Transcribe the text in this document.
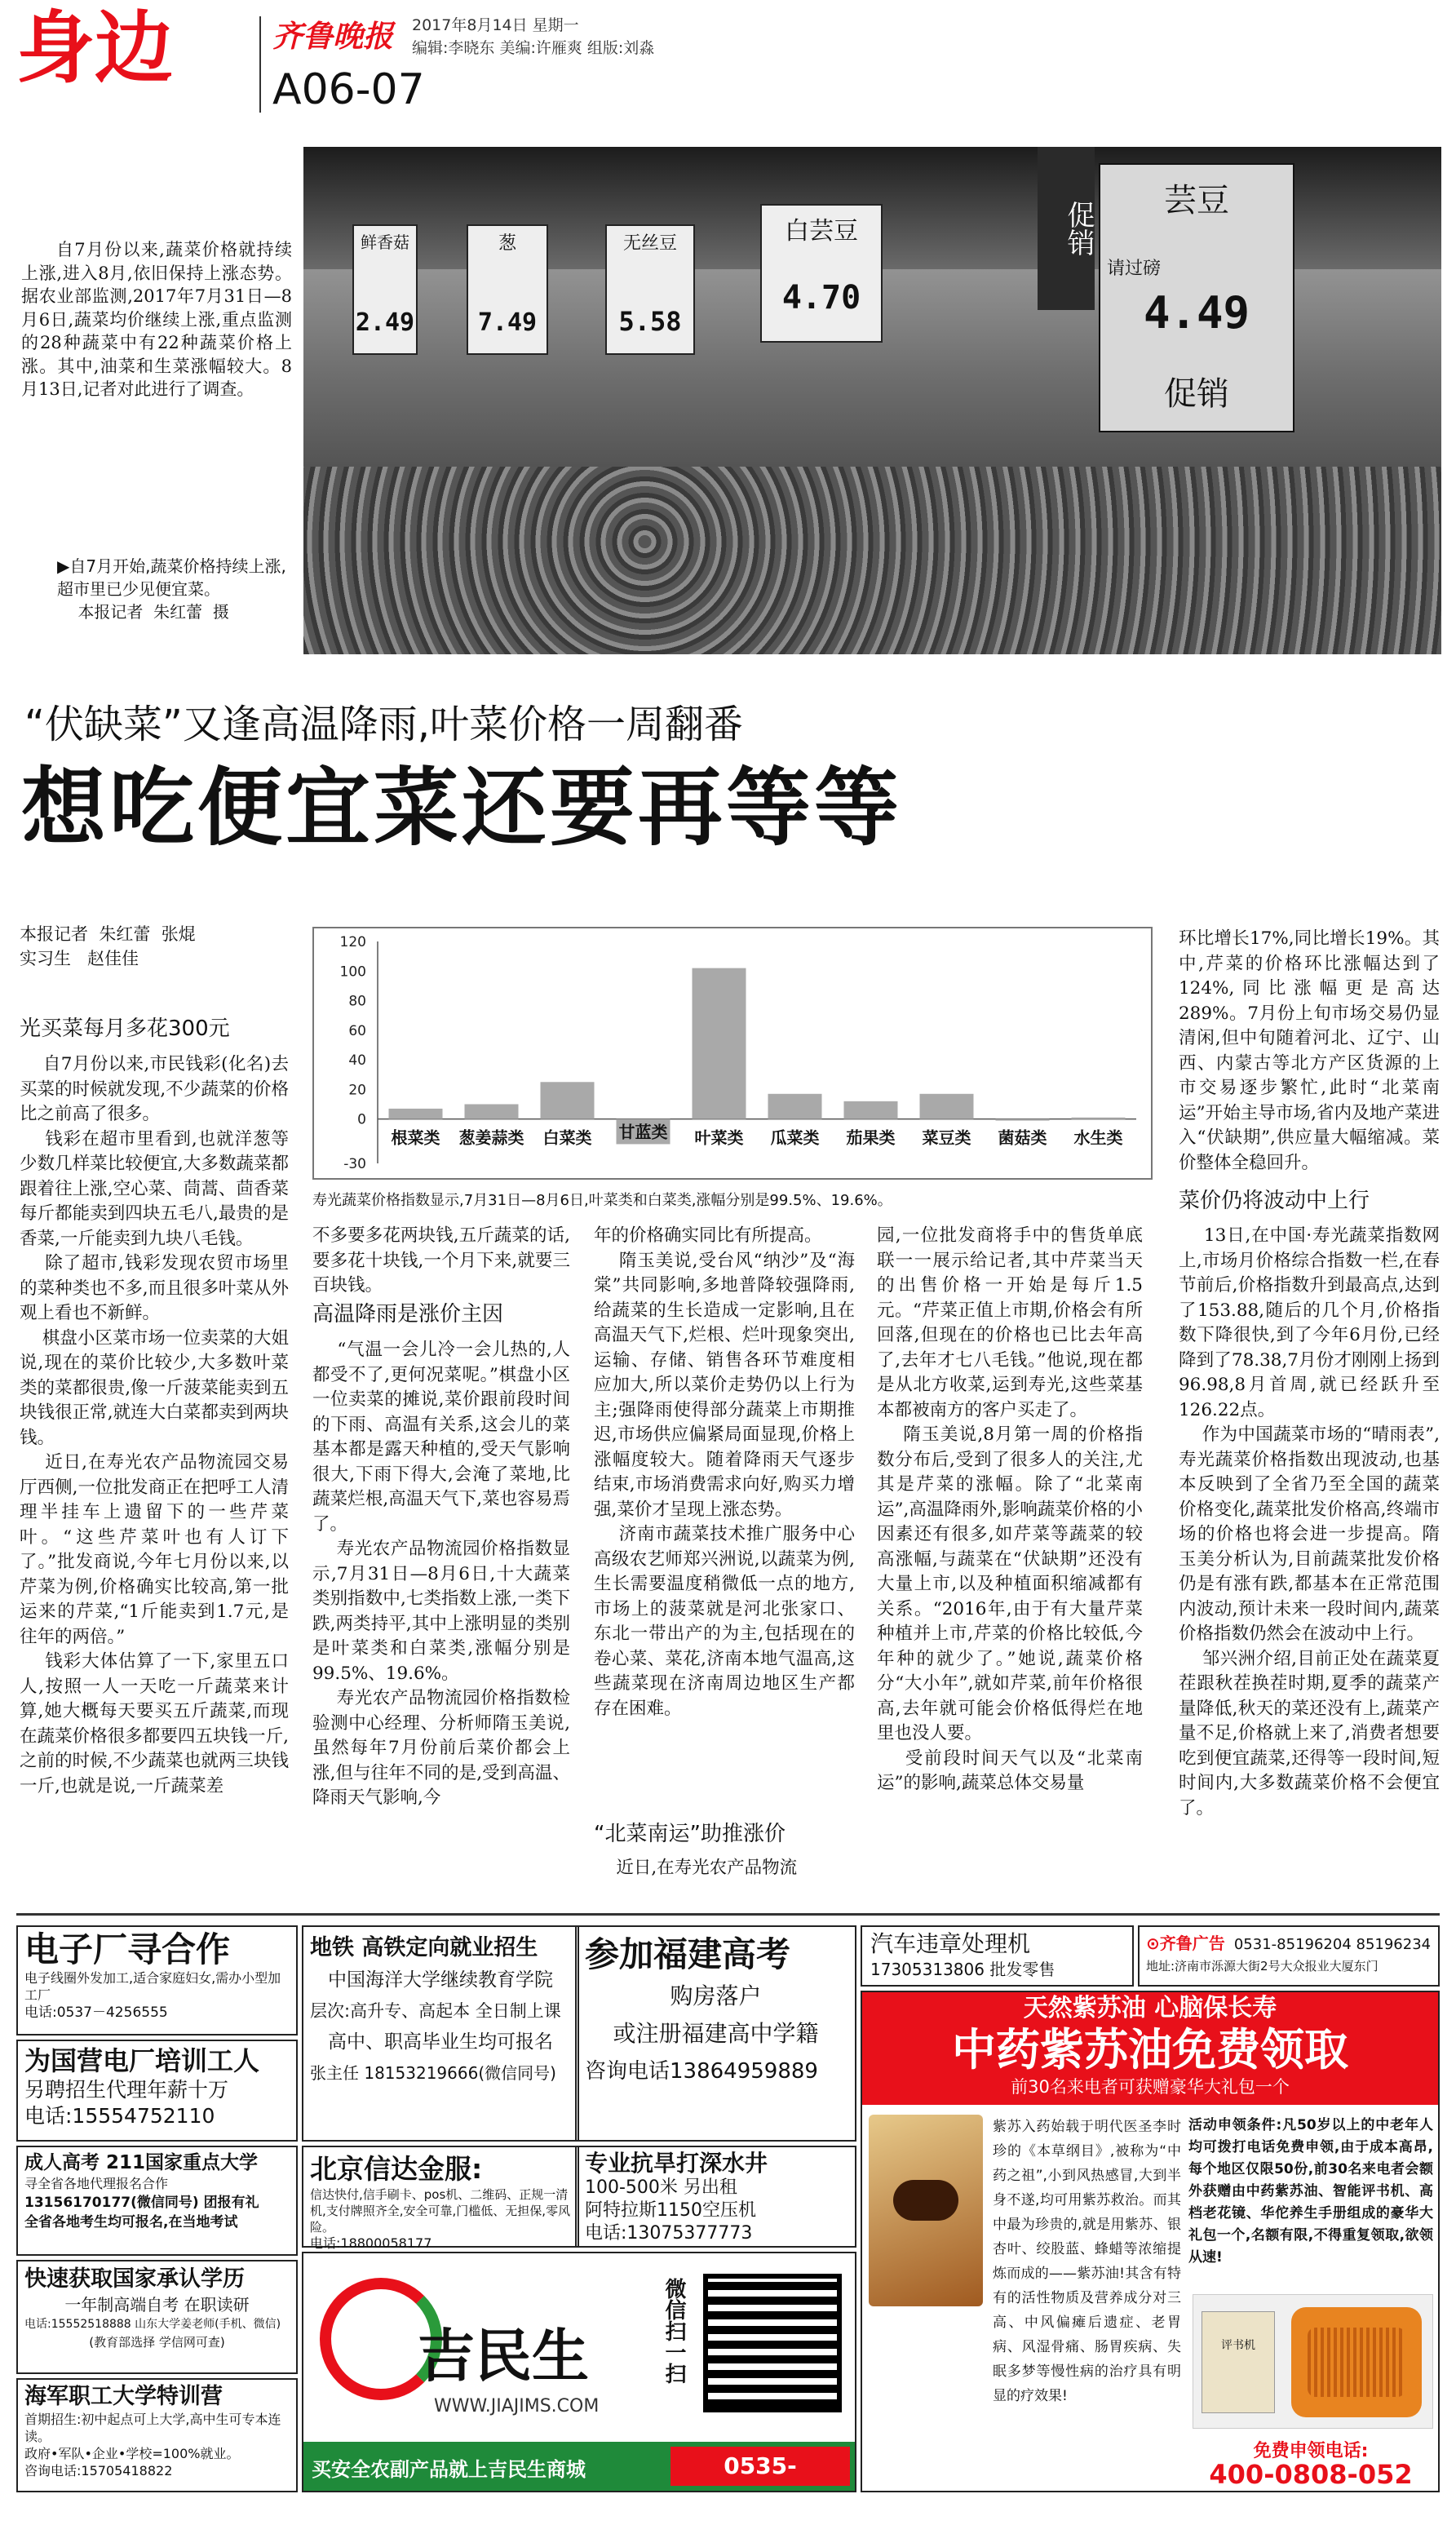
身边	齐鲁晚报 2017年8月14日 星期一
编辑:李晓东 美编:许雁爽 组版:刘淼
A06-07
自7月份以来,蔬菜价格就持续上涨,进入8月,依旧保持上涨态势。据农业部监测,2017年7月31日—8月6日,蔬菜均价继续上涨,重点监测的28种蔬菜中有22种蔬菜价格上涨。其中,油菜和生菜涨幅较大。8月13日,记者对此进行了调查。
▶自7月开始,蔬菜价格持续上涨,超市里已少见便宜菜。
本报记者  朱红蕾  摄
鲜香菇
2.49
葱
7.49
无丝豆
5.58
白芸豆
4.70
促销	芸豆
请过磅
4.49
促销
“伏缺菜”又逢高温降雨,叶菜价格一周翻番
想吃便宜菜还要再等等
本报记者  朱红蕾  张焜
实习生   赵佳佳
光买菜每月多花300元
自7月份以来,市民钱彩(化名)去买菜的时候就发现,不少蔬菜的价格比之前高了很多。
钱彩在超市里看到,也就洋葱等少数几样菜比较便宜,大多数蔬菜都跟着往上涨,空心菜、茼蒿、茴香菜每斤都能卖到四块五毛八,最贵的是香菜,一斤能卖到九块八毛钱。
除了超市,钱彩发现农贸市场里的菜种类也不多,而且很多叶菜从外观上看也不新鲜。
棋盘小区菜市场一位卖菜的大姐说,现在的菜价比较少,大多数叶菜类的菜都很贵,像一斤菠菜能卖到五块钱很正常,就连大白菜都卖到两块钱。
近日,在寿光农产品物流园交易厅西侧,一位批发商正在把呼工人清理半挂车上遗留下的一些芹菜叶。“这些芹菜叶也有人订下了。”批发商说,今年七月份以来,以芹菜为例,价格确实比较高,第一批运来的芹菜,“1斤能卖到1.7元,是往年的两倍。”
钱彩大体估算了一下,家里五口人,按照一人一天吃一斤蔬菜来计算,她大概每天要买五斤蔬菜,而现在蔬菜价格很多都要四五块钱一斤,之前的时候,不少蔬菜也就两三块钱一斤,也就是说,一斤蔬菜差
-30
0
20
40
60
80
100
120
根菜类 葱姜蒜类 白菜类 甘蓝类 叶菜类 瓜菜类 茄果类 菜豆类 菌菇类 水生类
寿光蔬菜价格指数显示,7月31日—8月6日,叶菜类和白菜类,涨幅分别是99.5%、19.6%。
不多要多花两块钱,五斤蔬菜的话,要多花十块钱,一个月下来,就要三百块钱。
高温降雨是涨价主因
“气温一会儿冷一会儿热的,人都受不了,更何况菜呢。”棋盘小区一位卖菜的摊说,菜价跟前段时间的下雨、高温有关系,这会儿的菜基本都是露天种植的,受天气影响很大,下雨下得大,会淹了菜地,比蔬菜烂根,高温天气下,菜也容易焉了。
寿光农产品物流园价格指数显示,7月31日—8月6日,十大蔬菜类别指数中,七类指数上涨,一类下跌,两类持平,其中上涨明显的类别是叶菜类和白菜类,涨幅分别是99.5%、19.6%。
寿光农产品物流园价格指数检验测中心经理、分析师隋玉美说,虽然每年7月份前后菜价都会上涨,但与往年不同的是,受到高温、降雨天气影响,今
年的价格确实同比有所提高。
隋玉美说,受台风“纳沙”及“海棠”共同影响,多地普降较强降雨,给蔬菜的生长造成一定影响,且在高温天气下,烂根、烂叶现象突出,运输、存储、销售各环节难度相应加大,所以菜价走势仍以上行为主;强降雨使得部分蔬菜上市期推迟,市场供应偏紧局面显现,价格上涨幅度较大。随着降雨天气逐步结束,市场消费需求向好,购买力增强,菜价才呈现上涨态势。
济南市蔬菜技术推广服务中心高级农艺师郑兴洲说,以蔬菜为例,生长需要温度稍微低一点的地方,市场上的菠菜就是河北张家口、东北一带出产的为主,包括现在的卷心菜、菜花,济南本地气温高,这些蔬菜现在济南周边地区生产都存在困难。
“北菜南运”助推涨价
近日,在寿光农产品物流
园,一位批发商将手中的售货单底联一一展示给记者,其中芹菜当天的出售价格一开始是每斤1.5元。“芹菜正值上市期,价格会有所回落,但现在的价格也已比去年高了,去年才七八毛钱。”他说,现在都是从北方收菜,运到寿光,这些菜基本都被南方的客户买走了。
隋玉美说,8月第一周的价格指数分布后,受到了很多人的关注,尤其是芹菜的涨幅。除了“北菜南运”,高温降雨外,影响蔬菜价格的小因素还有很多,如芹菜等蔬菜的较高涨幅,与蔬菜在“伏缺期”还没有大量上市,以及种植面积缩减都有关系。“2016年,由于有大量芹菜种植并上市,芹菜的价格比较低,今年种的就少了。”她说,蔬菜价格分“大小年”,就如芹菜,前年价格很高,去年就可能会价格低得烂在地里也没人要。
受前段时间天气以及“北菜南运”的影响,蔬菜总体交易量
环比增长17%,同比增长19%。其中,芹菜的价格环比涨幅达到了124%,同比涨幅更是高达289%。7月份上旬市场交易仍显清闲,但中旬随着河北、辽宁、山西、内蒙古等北方产区货源的上市交易逐步繁忙,此时“北菜南运”开始主导市场,省内及地产菜进入“伏缺期”,供应量大幅缩减。菜价整体全稳回升。
菜价仍将波动中上行
13日,在中国·寿光蔬菜指数网上,市场月价格综合指数一栏,在春节前后,价格指数升到最高点,达到了153.88,随后的几个月,价格指数下降很快,到了今年6月份,已经降到了78.38,7月份才刚刚上扬到96.98,8月首周,就已经跃升至126.22点。
作为中国蔬菜市场的“晴雨表”,寿光蔬菜价格指数出现波动,也基本反映到了全省乃至全国的蔬菜价格变化,蔬菜批发价格高,终端市场的价格也将会进一步提高。隋玉美分析认为,目前蔬菜批发价格仍是有涨有跌,都基本在正常范围内波动,预计未来一段时间内,蔬菜价格指数仍然会在波动中上行。
邹兴洲介绍,目前正处在蔬菜夏茬跟秋茬换茬时期,夏季的蔬菜产量降低,秋天的菜还没有上,蔬菜产量不足,价格就上来了,消费者想要吃到便宜蔬菜,还得等一段时间,短时间内,大多数蔬菜价格不会便宜了。
电子厂寻合作
电子线圈外发加工,适合家庭妇女,需办小型加工厂
电话:0537－4256555
为国营电厂培训工人
另聘招生代理年薪十万
电话:15554752110
成人高考 211国家重点大学
寻全省各地代理报名合作
13156170177(微信同号) 团报有礼
全省各地考生均可报名,在当地考试
快速获取国家承认学历
一年制高端自考 在职读研
电话:15552518888 山东大学姜老师(手机、微信)
(教育部选择 学信网可查)
海军职工大学特训营
首期招生:初中起点可上大学,高中生可专本连读。
政府•军队•企业•学校=100%就业。
咨询电话:15705418822
地铁 高铁定向就业招生
中国海洋大学继续教育学院
层次:高升专、高起本 全日制上课
高中、职高毕业生均可报名
张主任 18153219666(微信同号)
北京信达金服:
信达快付,信手刷卡、pos机、二维码、正规一清机,支付牌照齐全,安全可靠,门槛低、无担保,零风险。
电话:18800058177
吉民生
WWW.JIAJIMS.COM
微信扫一扫
买安全农副产品就上吉民生商城	0535-4971789
参加福建高考
购房落户
或注册福建高中学籍
咨询电话13864959889
专业抗旱打深水井
100-500米 另出租
阿特拉斯1150空压机
电话:13075377773
汽车违章处理机
17305313806 批发零售
⊙齐鲁广告 0531-85196204 85196234
地址:济南市泺源大街2号大众报业大厦东门
天然紫苏油 心脑保长寿
中药紫苏油免费领取
前30名来电者可获赠豪华大礼包一个
紫苏入药始载于明代医圣李时珍的《本草纲目》,被称为“中药之祖”,小到风热感冒,大到半身不遂,均可用紫苏救治。而其中最为珍贵的,就是用紫苏、银杏叶、绞股蓝、蜂蜡等浓缩提炼而成的——紫苏油!其含有特有的活性物质及营养成分对三高、中风偏瘫后遗症、老胃病、风湿骨痛、肠胃疾病、失眠多梦等慢性病的治疗具有明显的疗效果!
活动申领条件:凡50岁以上的中老年人均可拨打电话免费申领,由于成本高昂,每个地区仅限50份,前30名来电者会额外获赠由中药紫苏油、智能评书机、高档老花镜、华佗养生手册组成的豪华大礼包一个,名额有限,不得重复领取,欲领从速!
评书机
免费申领电话:
400-0808-052
